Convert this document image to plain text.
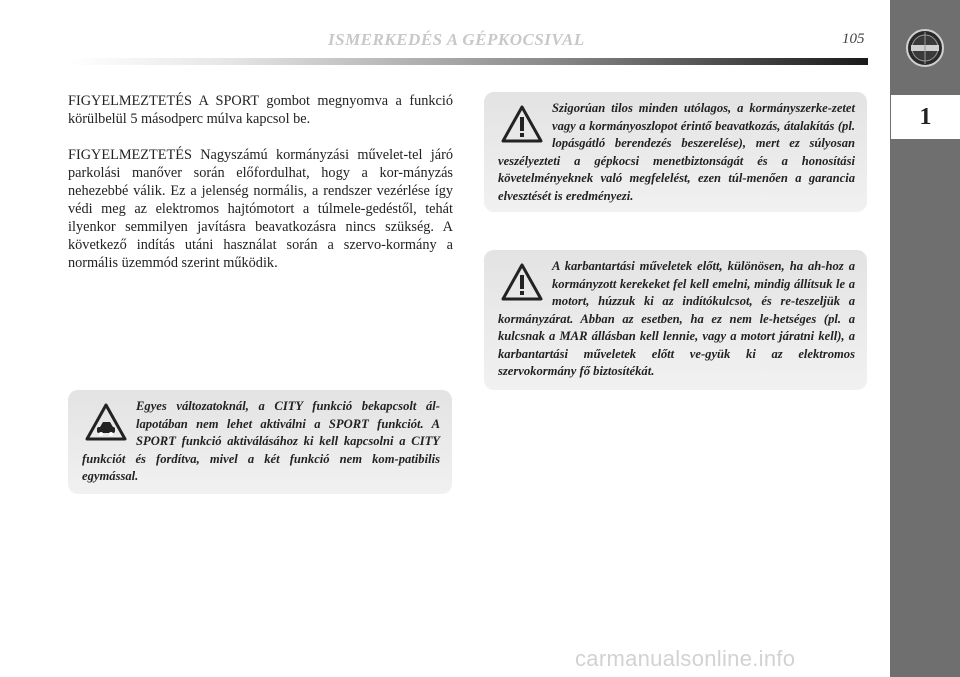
ISMERKEDÉS A GÉPKOCSIVAL	105
1

FIGYELMEZTETÉS A SPORT gombot megnyomva a funkció körülbelül 5 másodperc múlva kapcsol be.

FIGYELMEZTETÉS Nagyszámú kormányzási művelet-tel járó parkolási manőver során előfordulhat, hogy a kor-mányzás nehezebbé válik. Ez a jelenség normális, a rendszer vezérlése így védi meg az elektromos hajtómotort a túlmele-gedéstől, tehát ilyenkor semmilyen javításra beavatkozásra nincs szükség. A következő indítás utáni használat során a szervo-kormány a normális üzemmód szerint működik.

Egyes változatoknál, a CITY funkció bekapcsolt ál-lapotában nem lehet aktiválni a SPORT funkciót. A SPORT funkció aktiválásához ki kell kapcsolni a CITY funkciót és fordítva, mivel a két funkció nem kom-patibilis egymással.
Szigorúan tilos minden utólagos, a kormányszerke-zetet vagy a kormányoszlopot érintő beavatkozás, átalakítás (pl. lopásgátló berendezés beszerelése), mert ez súlyosan veszélyezteti a gépkocsi menetbiztonságát és a honosítási követelményeknek való megfelelést, ezen túl-menően a garancia elvesztését is eredményezi.
A karbantartási műveletek előtt, különösen, ha ah-hoz a kormányzott kerekeket fel kell emelni, mindig állítsuk le a motort, húzzuk ki az indítókulcsot, és re-teszeljük a kormányzárat. Abban az esetben, ha ez nem le-hetséges (pl. a kulcsnak a MAR állásban kell lennie, vagy a motort járatni kell), a karbantartási műveletek előtt ve-gyük ki az elektromos szervokormány fő biztosítékát.
carmanualsonline.info
